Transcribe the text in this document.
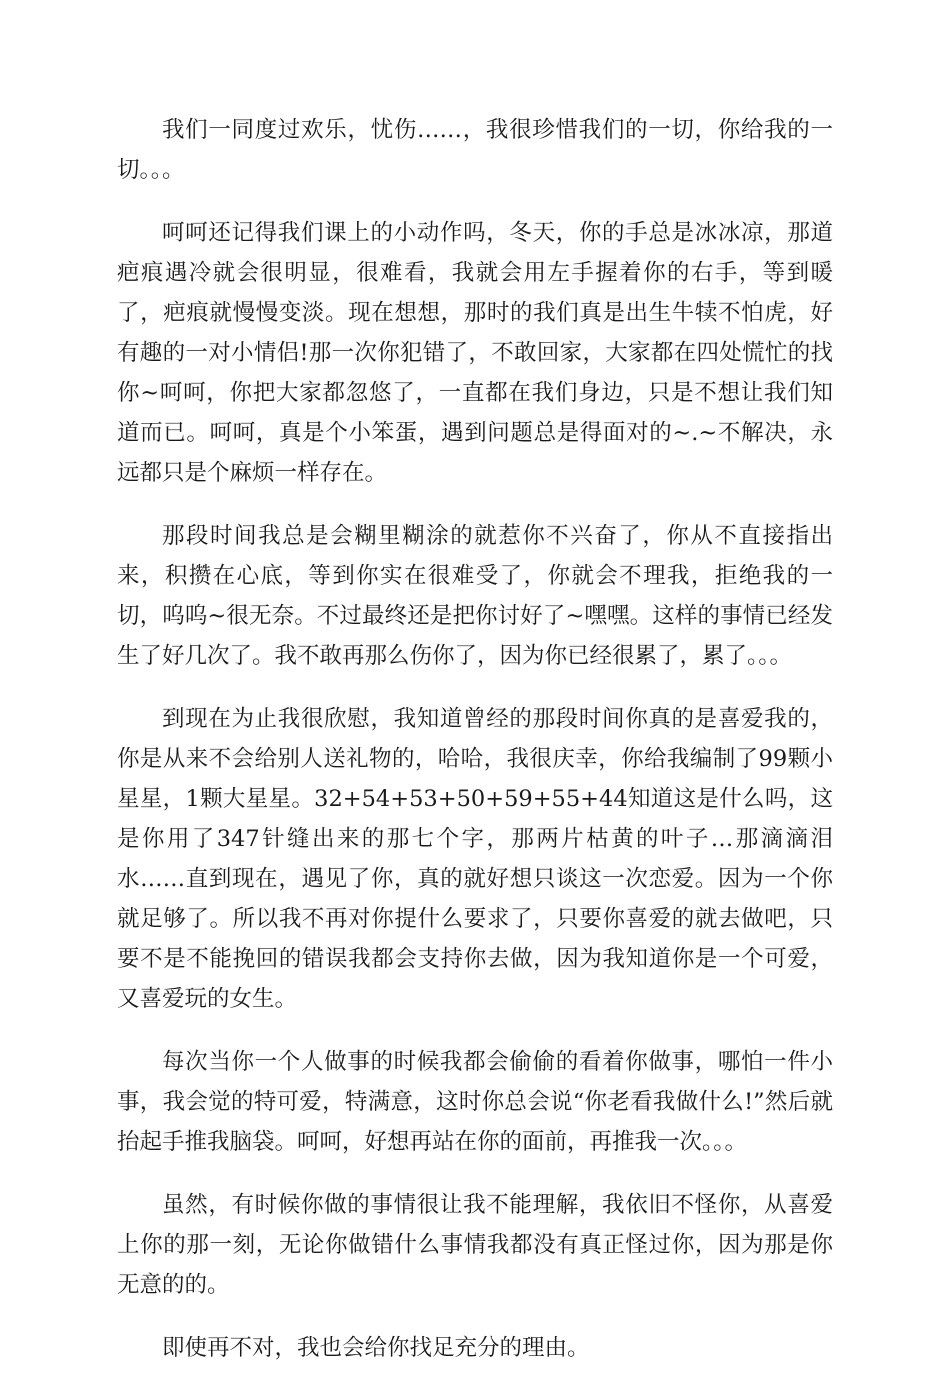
我们一同度过欢乐，忧伤……，我很珍惜我们的一切，你给我的一切。。。

呵呵还记得我们课上的小动作吗，冬天，你的手总是冰冰凉，那道疤痕遇冷就会很明显，很难看，我就会用左手握着你的右手，等到暖了，疤痕就慢慢变淡。现在想想，那时的我们真是出生牛犊不怕虎，好有趣的一对小情侣!那一次你犯错了，不敢回家，大家都在四处慌忙的找你~呵呵，你把大家都忽悠了，一直都在我们身边，只是不想让我们知道而已。呵呵，真是个小笨蛋，遇到问题总是得面对的~.~不解决，永远都只是个麻烦一样存在。

那段时间我总是会糊里糊涂的就惹你不兴奋了，你从不直接指出来，积攒在心底，等到你实在很难受了，你就会不理我，拒绝我的一切，呜呜~很无奈。不过最终还是把你讨好了~嘿嘿。这样的事情已经发生了好几次了。我不敢再那么伤你了，因为你已经很累了，累了。。。

到现在为止我很欣慰，我知道曾经的那段时间你真的是喜爱我的，你是从来不会给别人送礼物的，哈哈，我很庆幸，你给我编制了99颗小星星，1颗大星星。32+54+53+50+59+55+44知道这是什么吗，这是你用了347针缝出来的那七个字，那两片枯黄的叶子…那滴滴泪水……直到现在，遇见了你，真的就好想只谈这一次恋爱。因为一个你就足够了。所以我不再对你提什么要求了，只要你喜爱的就去做吧，只要不是不能挽回的错误我都会支持你去做，因为我知道你是一个可爱，又喜爱玩的女生。

每次当你一个人做事的时候我都会偷偷的看着你做事，哪怕一件小事，我会觉的特可爱，特满意，这时你总会说“你老看我做什么!”然后就抬起手推我脑袋。呵呵，好想再站在你的面前，再推我一次。。。

虽然，有时候你做的事情很让我不能理解，我依旧不怪你，从喜爱上你的那一刻，无论你做错什么事情我都没有真正怪过你，因为那是你无意的的。

即使再不对，我也会给你找足充分的理由。
